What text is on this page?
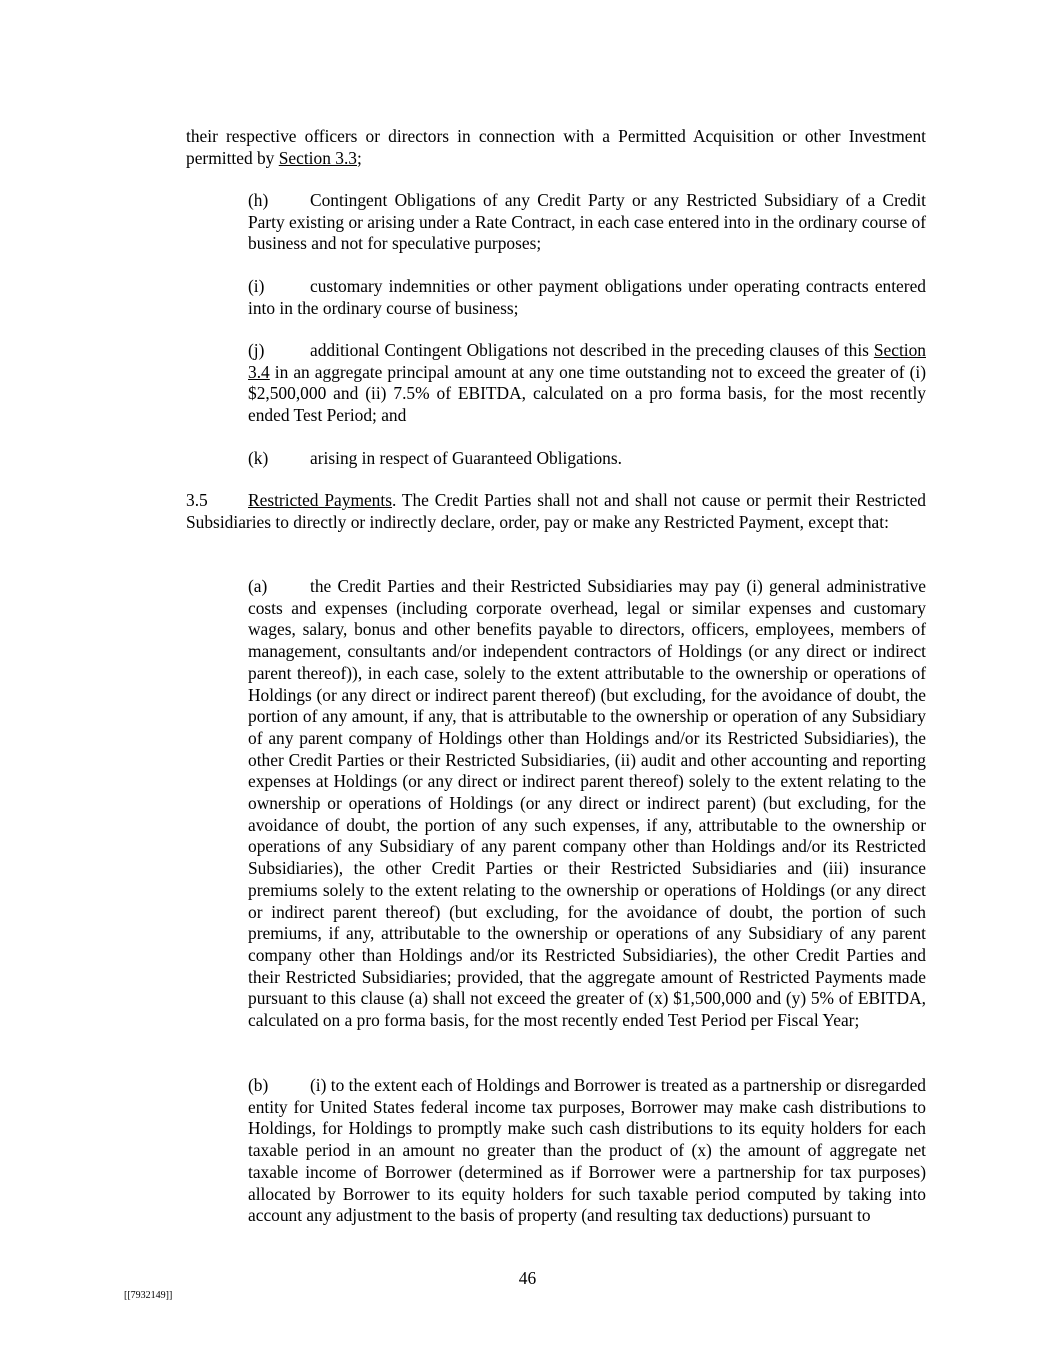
their respective officers or directors in connection with a Permitted Acquisition or other Investment permitted by Section 3.3;
(h) Contingent Obligations of any Credit Party or any Restricted Subsidiary of a Credit Party existing or arising under a Rate Contract, in each case entered into in the ordinary course of business and not for speculative purposes;
(i)	customary indemnities or other payment obligations under operating contracts entered into in the ordinary course of business;
(j)	additional Contingent Obligations not described in the preceding clauses of this Section 3.4 in an aggregate principal amount at any one time outstanding not to exceed the greater of (i) $2,500,000 and (ii) 7.5% of EBITDA, calculated on a pro forma basis, for the most recently ended Test Period; and
(k) arising in respect of Guaranteed Obligations.
3.5 Restricted Payments. The Credit Parties shall not and shall not cause or permit their Restricted Subsidiaries to directly or indirectly declare, order, pay or make any Restricted Payment, except that:
(a) the Credit Parties and their Restricted Subsidiaries may pay (i) general administrative costs and expenses (including corporate overhead, legal or similar expenses and customary wages, salary, bonus and other benefits payable to directors, officers, employees, members of management, consultants and/or independent contractors of Holdings (or any direct or indirect parent thereof)), in each case, solely to the extent attributable to the ownership or operations of Holdings (or any direct or indirect parent thereof) (but excluding, for the avoidance of doubt, the portion of any amount, if any, that is attributable to the ownership or operation of any Subsidiary of any parent company of Holdings other than Holdings and/or its Restricted Subsidiaries), the other Credit Parties or their Restricted Subsidiaries, (ii) audit and other accounting and reporting expenses at Holdings (or any direct or indirect parent thereof) solely to the extent relating to the ownership or operations of Holdings (or any direct or indirect parent) (but excluding, for the avoidance of doubt, the portion of any such expenses, if any, attributable to the ownership or operations of any Subsidiary of any parent company other than Holdings and/or its Restricted Subsidiaries), the other Credit Parties or their Restricted Subsidiaries and (iii) insurance premiums solely to the extent relating to the ownership or operations of Holdings (or any direct or indirect parent thereof) (but excluding, for the avoidance of doubt, the portion of such premiums, if any, attributable to the ownership or operations of any Subsidiary of any parent company other than Holdings and/or its Restricted Subsidiaries), the other Credit Parties and their Restricted Subsidiaries; provided, that the aggregate amount of Restricted Payments made pursuant to this clause (a) shall not exceed the greater of (x) $1,500,000 and (y) 5% of EBITDA, calculated on a pro forma basis, for the most recently ended Test Period per Fiscal Year;
(b) (i) to the extent each of Holdings and Borrower is treated as a partnership or disregarded entity for United States federal income tax purposes, Borrower may make cash distributions to Holdings, for Holdings to promptly make such cash distributions to its equity holders for each taxable period in an amount no greater than the product of (x) the amount of aggregate net taxable income of Borrower (determined as if Borrower were a partnership for tax purposes) allocated by Borrower to its equity holders for such taxable period computed by taking into account any adjustment to the basis of property (and resulting tax deductions) pursuant to
46
[[7932149]]
